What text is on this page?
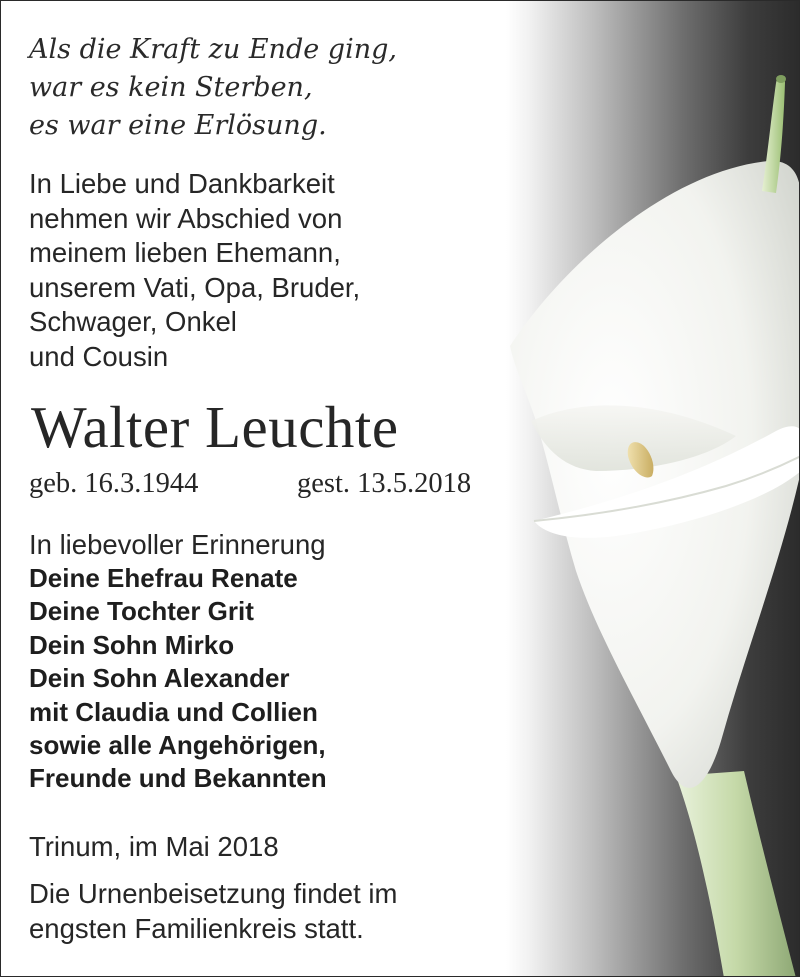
Als die Kraft zu Ende ging,
war es kein Sterben,
es war eine Erlösung.
In Liebe und Dankbarkeit
nehmen wir Abschied von
meinem lieben Ehemann,
unserem Vati, Opa, Bruder,
Schwager, Onkel
und Cousin
Walter Leuchte
geb. 16.3.1944	gest. 13.5.2018
In liebevoller Erinnerung
Deine Ehefrau Renate
Deine Tochter Grit
Dein Sohn Mirko
Dein Sohn Alexander
mit Claudia und Collien
sowie alle Angehörigen,
Freunde und Bekannten
Trinum, im Mai 2018
Die Urnenbeisetzung findet im
engsten Familienkreis statt.
